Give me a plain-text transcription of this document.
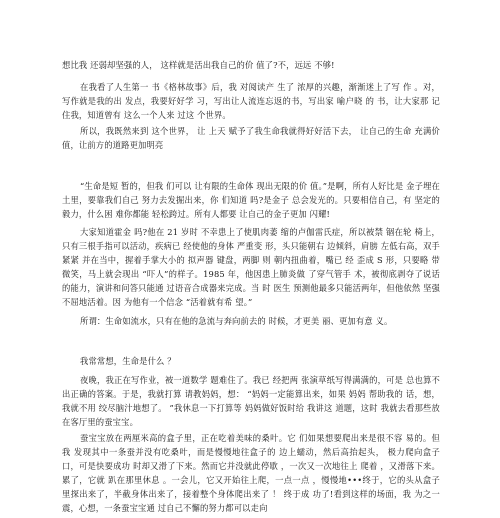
想比我 还弱却坚强的人， 这样就是活出我自己的价 值了?不，远远 不够!
在我看了人生第一 书《格林故事》后，我 对阅读产 生了 浓厚的兴趣，渐渐迷上了写 作 。对，写作就是我的出 发点，我要好好学 习，写出让人流连忘返的书，写出家 喻户晓 的 书，让大家那 记住我，知道曾有 这么一个人来 过这 个世界。
所以，我既然来到 这个世界， 让 上天 赋予了我生命我就得好好活下去， 让自己的生命 充满价值，让前方的道路更加明亮
“生命是短 暂的，但我 们可以 让有限的生命体 现出无限的价 值。”是啊，所有人好比是 金子埋在土里，要靠我们自己 努力去发掘出来，你 们知道 吗?是金子 总会发光的。只要相信自己，有 坚定的毅力，什么困 难你都能 轻松跨过。所有人都要 让自己的金子更加 闪耀!
大家知道霍金 吗?他在 21 岁时 不幸患上了使肌肉萎 缩的卢伽雷氏症，所以被禁 锢在轮 椅上，只有三根手指可以活动，疾病已 经使他的身体 严重变 形，头只能朝右 边倾斜，肩膀 左低右高，双手 紧紧 并在当中，握着手掌大小的 拟声器 键盘，两脚 则 朝内扭曲着，嘴已 经 歪成 S 形，只要略 带微笑，马上就会现出 “吓人”的样子。1985 年，他因患上肺炎做 了穿气管手 术，被彻底剥夺了说话的能力，演讲和问答只能通 过语音合成器来完成。当 时 医生 预测他最多只能活两年，但他依然 坚强不屈地活着。因 为他有一个信念 “活着就有希 望。”
所谓：生命如流水，只有在他的急流与奔向前去的 时候，才更美 丽、更加有意 义。
我常常想，生命是什么 ？
夜晚，我正在写作业，被一道数学 题难住了。我已 经把两 张演草纸写得满满的，可是 总也算不出正确的答案。于是，我就打算 请教妈妈，想： “妈妈一定能算出来，如果 妈妈 帮助我的 话，想，我就不用 绞尽脑汁地想了。 ”我休息一下打算等 妈妈做好饭时给 我讲这 道题，这时 我就去看那些放在客厅里的蚕宝宝。
蚕宝宝放在两厘米高的盒子里，正在吃着美味的桑叶。它 们如果想要爬出来是很不容 易的。但我 发现其中一条蚕并没有吃桑叶，而是慢慢地往盒子的 边上蠕动，然后高抬起头， 极力爬向盒子口，可是快要成功 时却又滑了下来。然而它并没就此停歇 ，一次又一次地往上 爬着 ，又滑落下来。累了，它就 趴在那里休息 。一会儿，它又开始往上爬，一点一点 ，慢慢地•••终于，它的头从盒子里探出来了，半截身体出来了，接着整个身体爬出来了 ！ 终于成 功了!看到这样的场面，我 为之一震，心想，一条蚕宝宝通 过自己不懈的努力都可以走向
